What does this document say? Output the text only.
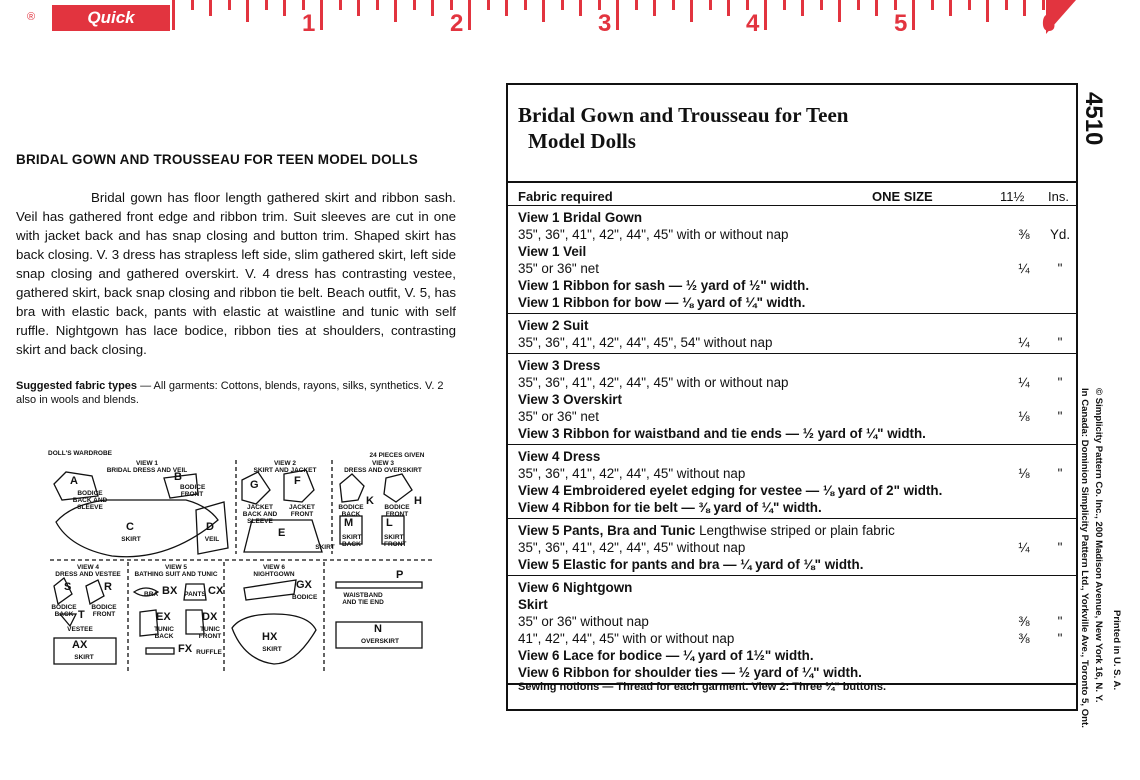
®	Quick Measure
1	2	3	4	5	6
BRIDAL GOWN AND TROUSSEAU FOR TEEN MODEL DOLLS
Bridal gown has floor length gathered skirt and ribbon sash. Veil has gathered front edge and ribbon trim. Suit sleeves are cut in one with jacket back and has snap closing and button trim. Shaped skirt has back closing. V. 3 dress has strapless left side, slim gathered skirt, left side snap closing and gathered overskirt. V. 4 dress has contrasting vestee, gathered skirt, back snap closing and ribbon tie belt. Beach outfit, V. 5, has bra with elastic back, pants with elastic at waistline and tunic with self ruffle. Nightgown has lace bodice, ribbon ties at shoulders, contrasting skirt and back closing.
Suggested fabric types — All garments: Cottons, blends, rayons, silks, synthetics. V. 2 also in wools and blends.
DOLL'S WARDROBE
VIEW 1
BRIDAL DRESS AND VEIL
VIEW 2
SKIRT AND JACKET
24 PIECES GIVEN
VIEW 3
DRESS AND OVERSKIRT
VIEW 4
DRESS AND VESTEE
VIEW 5
BATHING SUIT AND TUNIC
VIEW 6
NIGHTGOWN
A
BODICE BACK AND SLEEVE
B
BODICE FRONT
C
SKIRT
D
VEIL
G
JACKET BACK AND SLEEVE
F
JACKET FRONT
E
SKIRT
K
BODICE BACK
H
BODICE FRONT
M
SKIRT BACK
L
SKIRT FRONT
S
BODICE BACK
R
BODICE FRONT
T
VESTEE
AX
SKIRT
BX
BRA	CX
PANTS
EX
TUNIC BACK
DX
TUNIC FRONT
FX RUFFLE
GX
BODICE
HX
SKIRT
P
WAISTBAND AND TIE END
N
OVERSKIRT
Bridal Gown and Trousseau for Teen
Model Dolls
Fabric required	ONE SIZE	11½ Ins.
View 1 Bridal Gown
35", 36", 41", 42", 44", 45" with or without nap	⅜	Yd.
View 1 Veil
35" or 36" net	¼	"
View 1 Ribbon for sash — ½ yard of ½" width.
View 1 Ribbon for bow — ⅛ yard of ¼" width.
View 2 Suit
35", 36", 41", 42", 44", 45", 54" without nap	¼	"
View 3 Dress
35", 36", 41", 42", 44", 45" with or without nap	¼	"
View 3 Overskirt
35" or 36" net	⅛	"
View 3 Ribbon for waistband and tie ends — ½ yard of ¼" width.
View 4 Dress
35", 36", 41", 42", 44", 45" without nap	⅛	"
View 4 Embroidered eyelet edging for vestee — ⅛ yard of 2" width.
View 4 Ribbon for tie belt — ⅜ yard of ¼" width.
View 5 Pants, Bra and Tunic Lengthwise striped or plain fabric
35", 36", 41", 42", 44", 45" without nap	¼	"
View 5 Elastic for pants and bra — ¼ yard of ⅛" width.
View 6 Nightgown
Skirt
35" or 36" without nap	⅜	"
41", 42", 44", 45" with or without nap	⅜	"
View 6 Lace for bodice — ¼ yard of 1½" width.
View 6 Ribbon for shoulder ties — ½ yard of ¼" width.
Sewing notions — Thread for each garment. View 2: Three ¼" buttons.
4510
© Simplicity Pattern Co. Inc., 200 Madison Avenue, New York 16, N. Y.
In Canada: Dominion Simplicity Pattern Ltd., Yorkville Ave., Toronto 5, Ont. Printed in U. S. A.
